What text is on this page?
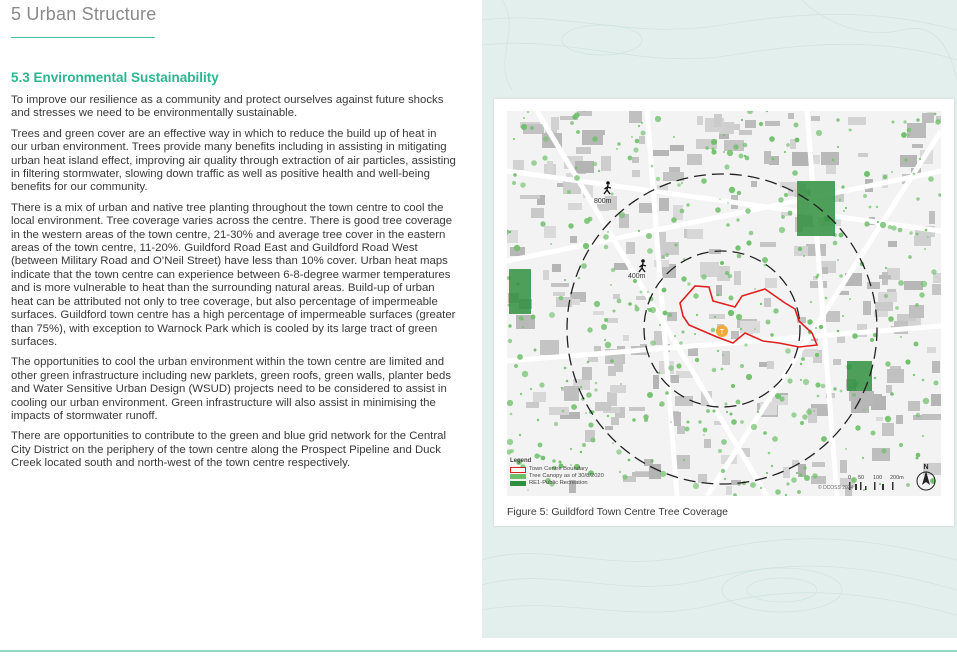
5 Urban Structure
5.3 Environmental Sustainability

To improve our resilience as a community and protect ourselves against future shocks and stresses we need to be environmentally sustainable.

Trees and green cover are an effective way in which to reduce the build up of heat in our urban environment. Trees provide many benefits including in assisting in mitigating urban heat island effect, improving air quality through extraction of air particles, assisting in filtering stormwater, slowing down traffic as well as positive health and well-being benefits for our community.

There is a mix of urban and native tree planting throughout the town centre to cool the local environment. Tree coverage varies across the centre. There is good tree coverage in the western areas of the town centre, 21-30% and average tree cover in the eastern areas of the town centre, 11-20%. Guildford Road East and Guildford Road West (between Military Road and O’Neil Street) have less than 10% cover. Urban heat maps indicate that the town centre can experience between 6-8-degree warmer temperatures and is more vulnerable to heat than the surrounding natural areas. Build-up of urban heat can be attributed not only to tree coverage, but also percentage of impermeable surfaces. Guildford town centre has a high percentage of impermeable surfaces (greater than 75%), with exception to Warnock Park which is cooled by its large tract of green surfaces.

The opportunities to cool the urban environment within the town centre are limited and other green infrastructure including new parklets, green roofs, green walls, planter beds and Water Sensitive Urban Design (WSUD) projects need to be considered to assist in cooling our urban environment. Green infrastructure will also assist in minimising the impacts of stormwater runoff.

There are opportunities to contribute to the green and blue grid network for the Central City District on the periphery of the town centre along the Prospect Pipeline and Duck Creek located south and north-west of the town centre respectively.

T
800m
400m
Legend
Town Centre Boundary
Tree Canopy as of 30/8/2020
RE1-Public Recreation
0 50 100 200m
© DCOSS 2024
N
Figure 5: Guildford Town Centre Tree Coverage
